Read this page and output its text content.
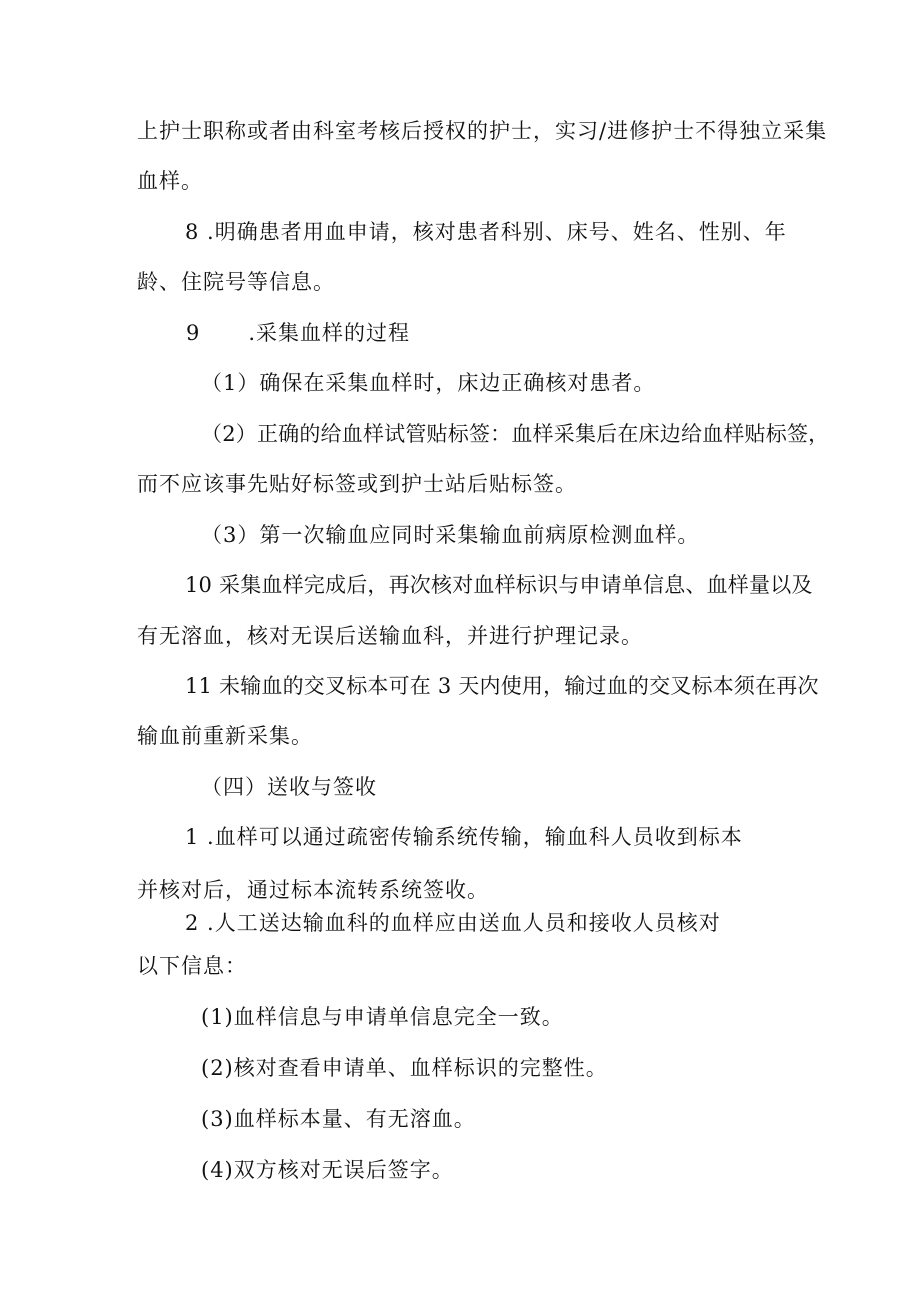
上护士职称或者由科室考核后授权的护士，实习/进修护士不得独立采集
血样。
8 .明确患者用血申请，核对患者科别、床号、姓名、性别、年
龄、住院号等信息。
9 .采集血样的过程
（1）确保在采集血样时，床边正确核对患者。
（2）正确的给血样试管贴标签：血样采集后在床边给血样贴标签，
而不应该事先贴好标签或到护士站后贴标签。
（3）第一次输血应同时采集输血前病原检测血样。
10 采集血样完成后，再次核对血样标识与申请单信息、血样量以及
有无溶血，核对无误后送输血科，并进行护理记录。
11 未输血的交叉标本可在 3 天内使用，输过血的交叉标本须在再次
输血前重新采集。
（四）送收与签收
1 .血样可以通过疏密传输系统传输，输血科人员收到标本
并核对后，通过标本流转系统签收。
2 .人工送达输血科的血样应由送血人员和接收人员核对
以下信息：
(1)血样信息与申请单信息完全一致。
(2)核对查看申请单、血样标识的完整性。
(3)血样标本量、有无溶血。
(4)双方核对无误后签字。
